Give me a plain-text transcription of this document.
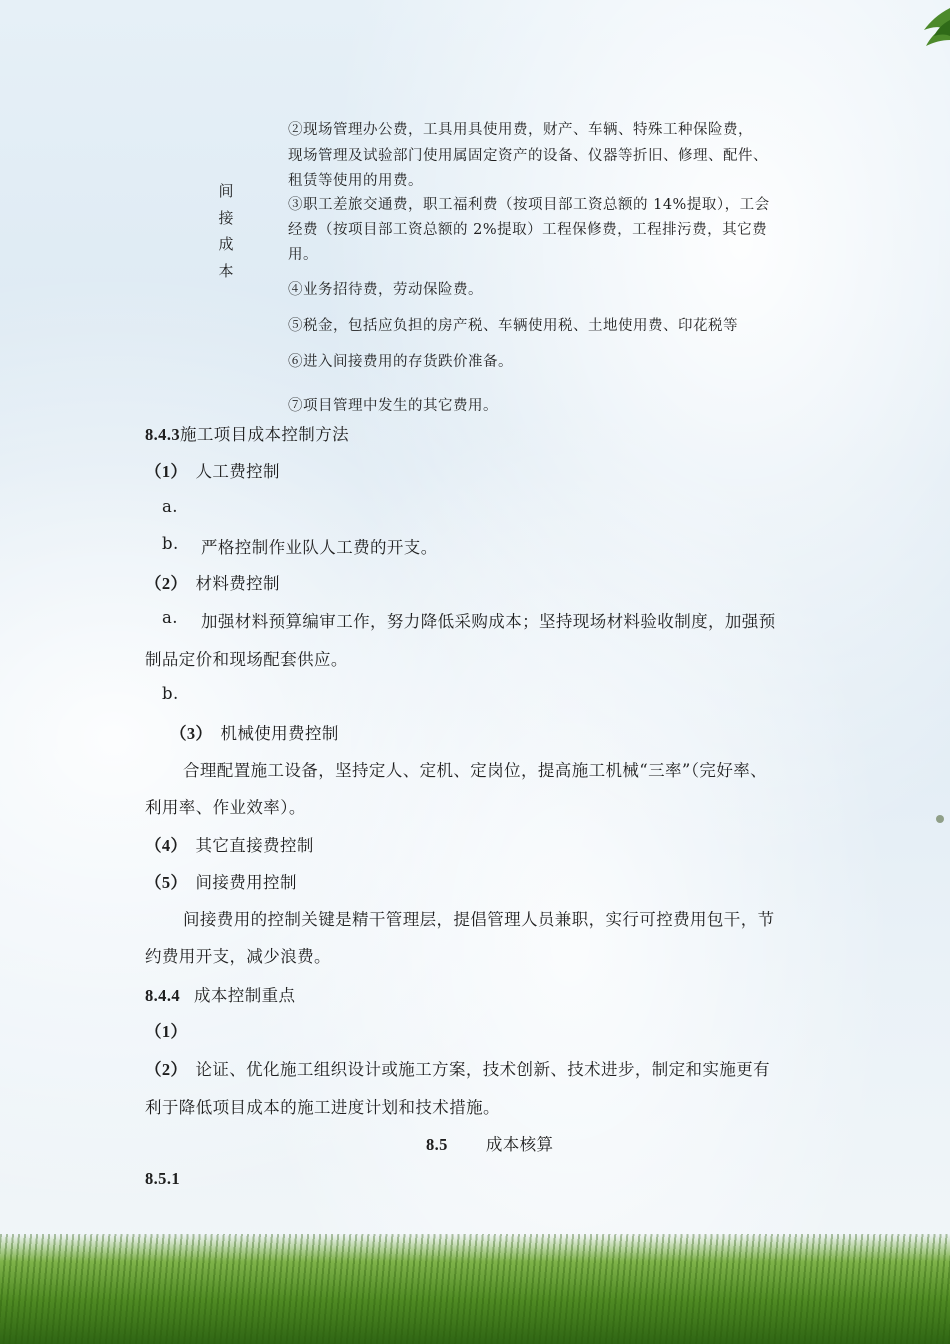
间
接
成
本
②现场管理办公费，工具用具使用费，财产、车辆、特殊工种保险费，
现场管理及试验部门使用属固定资产的设备、仪器等折旧、修理、配件、
租赁等使用的用费。
③职工差旅交通费，职工福利费（按项目部工资总额的 14%提取），工会
经费（按项目部工资总额的 2%提取）工程保修费，工程排污费，其它费
用。
④业务招待费，劳动保险费。
⑤税金，包括应负担的房产税、车辆使用税、土地使用费、印花税等
⑥进入间接费用的存货跌价准备。
⑦项目管理中发生的其它费用。
8.4.3施工项目成本控制方法
（1） 人工费控制
a.
b. 严格控制作业队人工费的开支。
（2） 材料费控制
a. 加强材料预算编审工作，努力降低采购成本；坚持现场材料验收制度，加强预
制品定价和现场配套供应。
b.
（3） 机械使用费控制
合理配置施工设备，坚持定人、定机、定岗位，提高施工机械“三率”（完好率、
利用率、作业效率）。
（4） 其它直接费控制
（5） 间接费用控制
间接费用的控制关键是精干管理层，提倡管理人员兼职，实行可控费用包干，节
约费用开支，减少浪费。
8.4.4 成本控制重点
（1）
（2） 论证、优化施工组织设计或施工方案，技术创新、技术进步，制定和实施更有
利于降低项目成本的施工进度计划和技术措施。
8.5 成本核算
8.5.1
